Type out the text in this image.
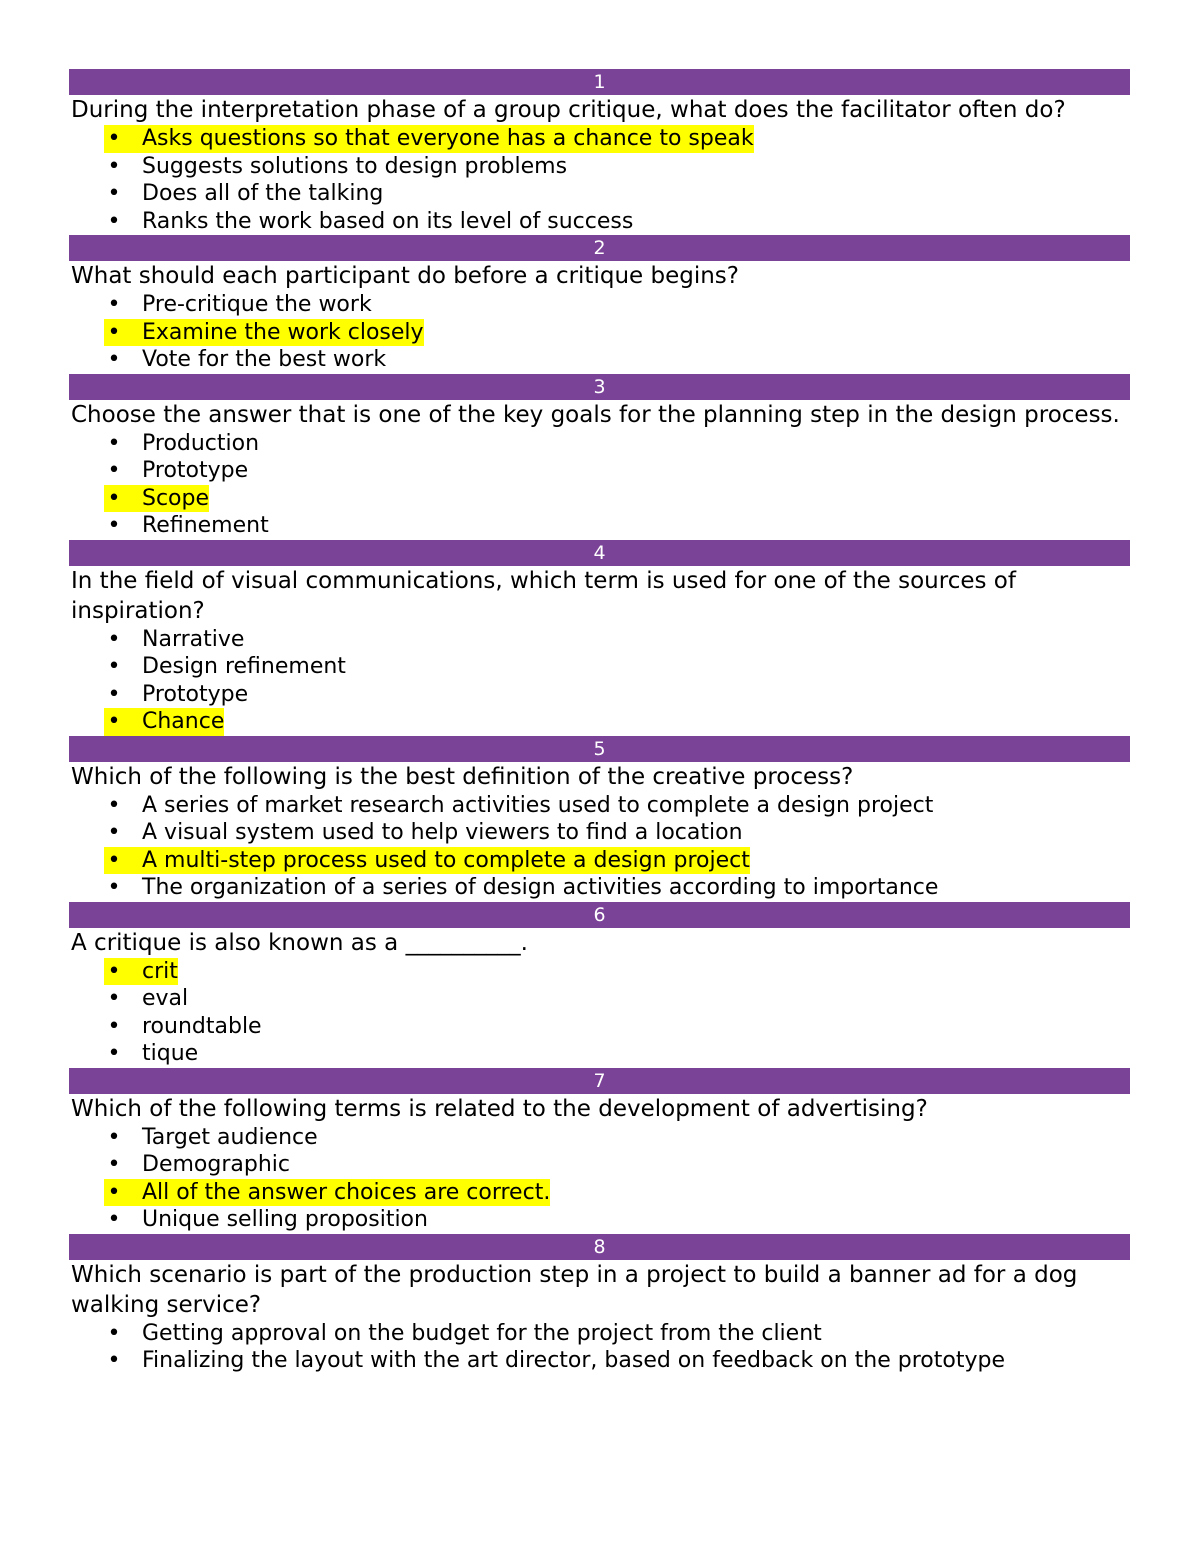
1

During the interpretation phase of a group critique, what does the facilitator often do?

• Asks questions so that everyone has a chance to speak
• Suggests solutions to design problems
• Does all of the talking
• Ranks the work based on its level of success
2

What should each participant do before a critique begins?

• Pre-critique the work
• Examine the work closely
• Vote for the best work
3

Choose the answer that is one of the key goals for the planning step in the design process.

• Production
• Prototype
• Scope
• Refinement
4

In the field of visual communications, which term is used for one of the sources of inspiration?

• Narrative
• Design refinement
• Prototype
• Chance
5

Which of the following is the best definition of the creative process?

• A series of market research activities used to complete a design project
• A visual system used to help viewers to find a location
• A multi-step process used to complete a design project
• The organization of a series of design activities according to importance
6

A critique is also known as a __________.

• crit
• eval
• roundtable
• tique
7

Which of the following terms is related to the development of advertising?

• Target audience
• Demographic
• All of the answer choices are correct.
• Unique selling proposition
8

Which scenario is part of the production step in a project to build a banner ad for a dog walking service?

• Getting approval on the budget for the project from the client
• Finalizing the layout with the art director, based on feedback on the prototype
